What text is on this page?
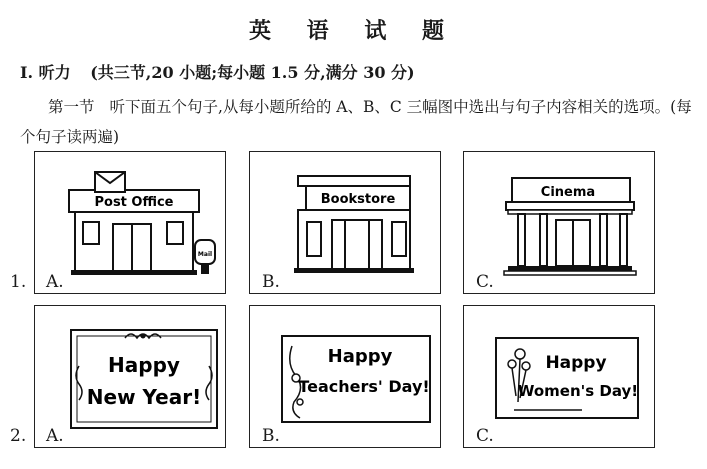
英 语 试 题
Ⅰ. 听力 (共三节,20 小题;每小题 1.5 分,满分 30 分)
第一节 听下面五个句子,从每小题所给的 A、B、C 三幅图中选出与句子内容相关的选项。(每个句子读两遍)
Post Office
Mail
Bookstore	Cinema
1. A.	B.	C.
Happy
New Year!
Happy
Teachers' Day!
Happy
Women's Day!
2. A.	B.	C.
